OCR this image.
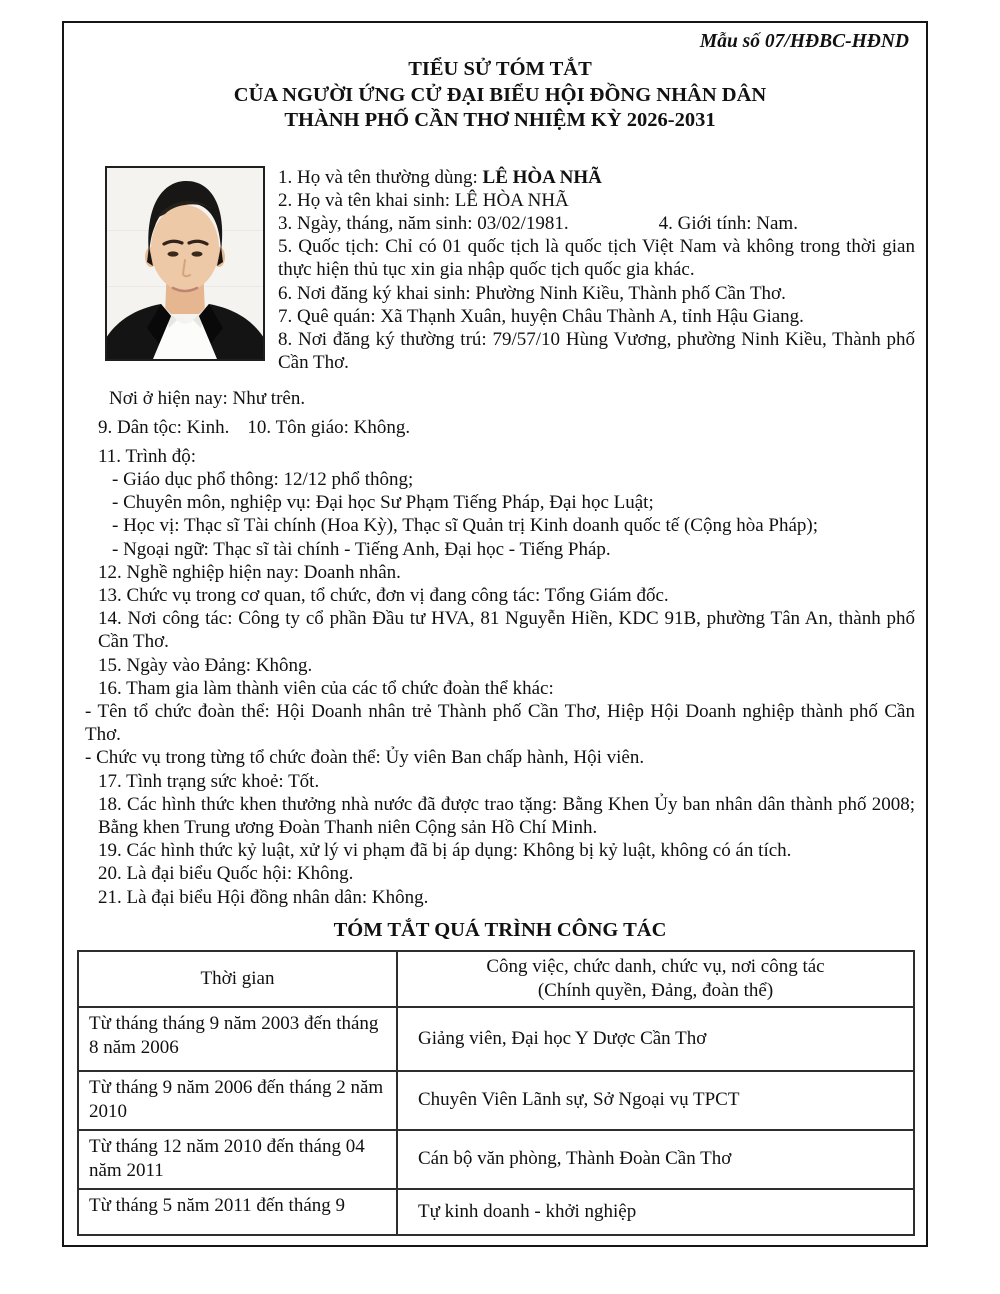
Mẫu số 07/HĐBC-HĐND
TIỂU SỬ TÓM TẮT
CỦA NGƯỜI ỨNG CỬ ĐẠI BIỂU HỘI ĐỒNG NHÂN DÂN
THÀNH PHỐ CẦN THƠ NHIỆM KỲ 2026-2031

1. Họ và tên thường dùng: LÊ HÒA NHÃ

2. Họ và tên khai sinh: LÊ HÒA NHÃ

3. Ngày, tháng, năm sinh: 03/02/1981.	4. Giới tính: Nam.

5. Quốc tịch: Chỉ có 01 quốc tịch là quốc tịch Việt Nam và không trong thời gian thực hiện thủ tục xin gia nhập quốc tịch quốc gia khác.

6. Nơi đăng ký khai sinh: Phường Ninh Kiều, Thành phố Cần Thơ.

7. Quê quán: Xã Thạnh Xuân, huyện Châu Thành A, tỉnh Hậu Giang.

8. Nơi đăng ký thường trú: 79/57/10 Hùng Vương, phường Ninh Kiều, Thành phố Cần Thơ.

Nơi ở hiện nay: Như trên.

9. Dân tộc: Kinh. 10. Tôn giáo: Không.

11. Trình độ:

- Giáo dục phổ thông: 12/12 phổ thông;

- Chuyên môn, nghiệp vụ: Đại học Sư Phạm Tiếng Pháp, Đại học Luật;

- Học vị: Thạc sĩ Tài chính (Hoa Kỳ), Thạc sĩ Quản trị Kinh doanh quốc tế (Cộng hòa Pháp);

- Ngoại ngữ: Thạc sĩ tài chính - Tiếng Anh, Đại học - Tiếng Pháp.

12. Nghề nghiệp hiện nay: Doanh nhân.

13. Chức vụ trong cơ quan, tổ chức, đơn vị đang công tác: Tổng Giám đốc.

14. Nơi công tác: Công ty cổ phần Đầu tư HVA, 81 Nguyễn Hiền, KDC 91B, phường Tân An, thành phố Cần Thơ.

15. Ngày vào Đảng: Không.

16. Tham gia làm thành viên của các tổ chức đoàn thể khác:

- Tên tổ chức đoàn thể: Hội Doanh nhân trẻ Thành phố Cần Thơ, Hiệp Hội Doanh nghiệp thành phố Cần Thơ.

- Chức vụ trong từng tổ chức đoàn thể: Ủy viên Ban chấp hành, Hội viên.

17. Tình trạng sức khoẻ: Tốt.

18. Các hình thức khen thưởng nhà nước đã được trao tặng: Bằng Khen Ủy ban nhân dân thành phố 2008; Bằng khen Trung ương Đoàn Thanh niên Cộng sản Hồ Chí Minh.

19. Các hình thức kỷ luật, xử lý vi phạm đã bị áp dụng: Không bị kỷ luật, không có án tích.

20. Là đại biểu Quốc hội: Không.

21. Là đại biểu Hội đồng nhân dân: Không.

TÓM TẮT QUÁ TRÌNH CÔNG TÁC
Thời gian	Công việc, chức danh, chức vụ, nơi công tác
(Chính quyền, Đảng, đoàn thể)

Từ tháng tháng 9 năm 2003 đến tháng 8 năm 2006	Giảng viên, Đại học Y Dược Cần Thơ
Từ tháng 9 năm 2006 đến tháng 2 năm 2010	Chuyên Viên Lãnh sự, Sở Ngoại vụ TPCT
Từ tháng 12 năm 2010 đến tháng 04 năm 2011	Cán bộ văn phòng, Thành Đoàn Cần Thơ
Từ tháng 5 năm 2011 đến tháng 9	Tự kinh doanh - khởi nghiệp
